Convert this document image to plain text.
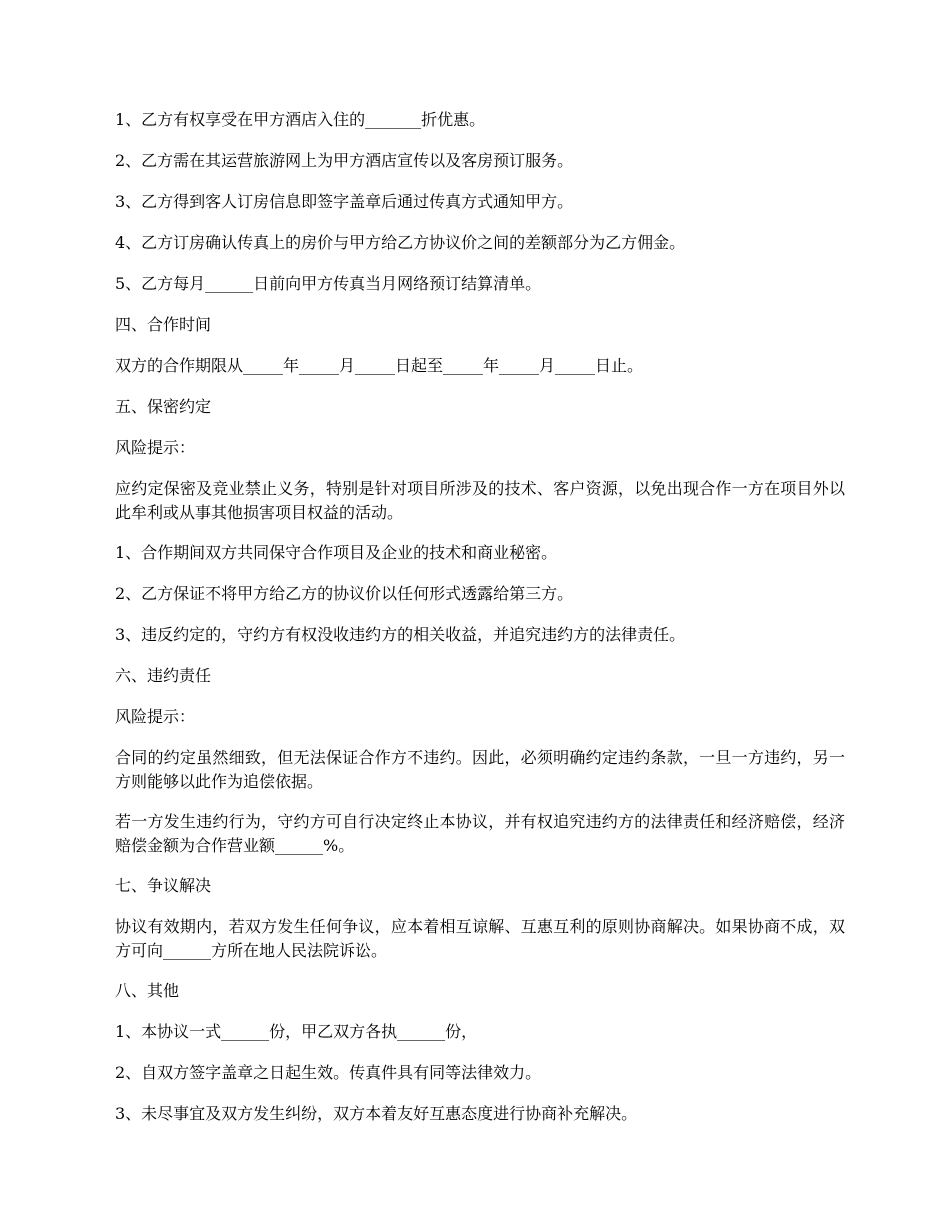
1、乙方有权享受在甲方酒店入住的_______折优惠。

2、乙方需在其运营旅游网上为甲方酒店宣传以及客房预订服务。

3、乙方得到客人订房信息即签字盖章后通过传真方式通知甲方。

4、乙方订房确认传真上的房价与甲方给乙方协议价之间的差额部分为乙方佣金。

5、乙方每月______日前向甲方传真当月网络预订结算清单。

四、合作时间

双方的合作期限从_____年_____月_____日起至_____年_____月_____日止。

五、保密约定

风险提示：

应约定保密及竞业禁止义务，特别是针对项目所涉及的技术、客户资源，以免出现合作一方在项目外以此牟利或从事其他损害项目权益的活动。

1、合作期间双方共同保守合作项目及企业的技术和商业秘密。

2、乙方保证不将甲方给乙方的协议价以任何形式透露给第三方。

3、违反约定的，守约方有权没收违约方的相关收益，并追究违约方的法律责任。

六、违约责任

风险提示：

合同的约定虽然细致，但无法保证合作方不违约。因此，必须明确约定违约条款，一旦一方违约，另一方则能够以此作为追偿依据。

若一方发生违约行为，守约方可自行决定终止本协议，并有权追究违约方的法律责任和经济赔偿，经济赔偿金额为合作营业额______%。

七、争议解决

协议有效期内，若双方发生任何争议，应本着相互谅解、互惠互利的原则协商解决。如果协商不成，双方可向______方所在地人民法院诉讼。

八、其他

1、本协议一式______份，甲乙双方各执______份，

2、自双方签字盖章之日起生效。传真件具有同等法律效力。

3、未尽事宜及双方发生纠纷，双方本着友好互惠态度进行协商补充解决。
